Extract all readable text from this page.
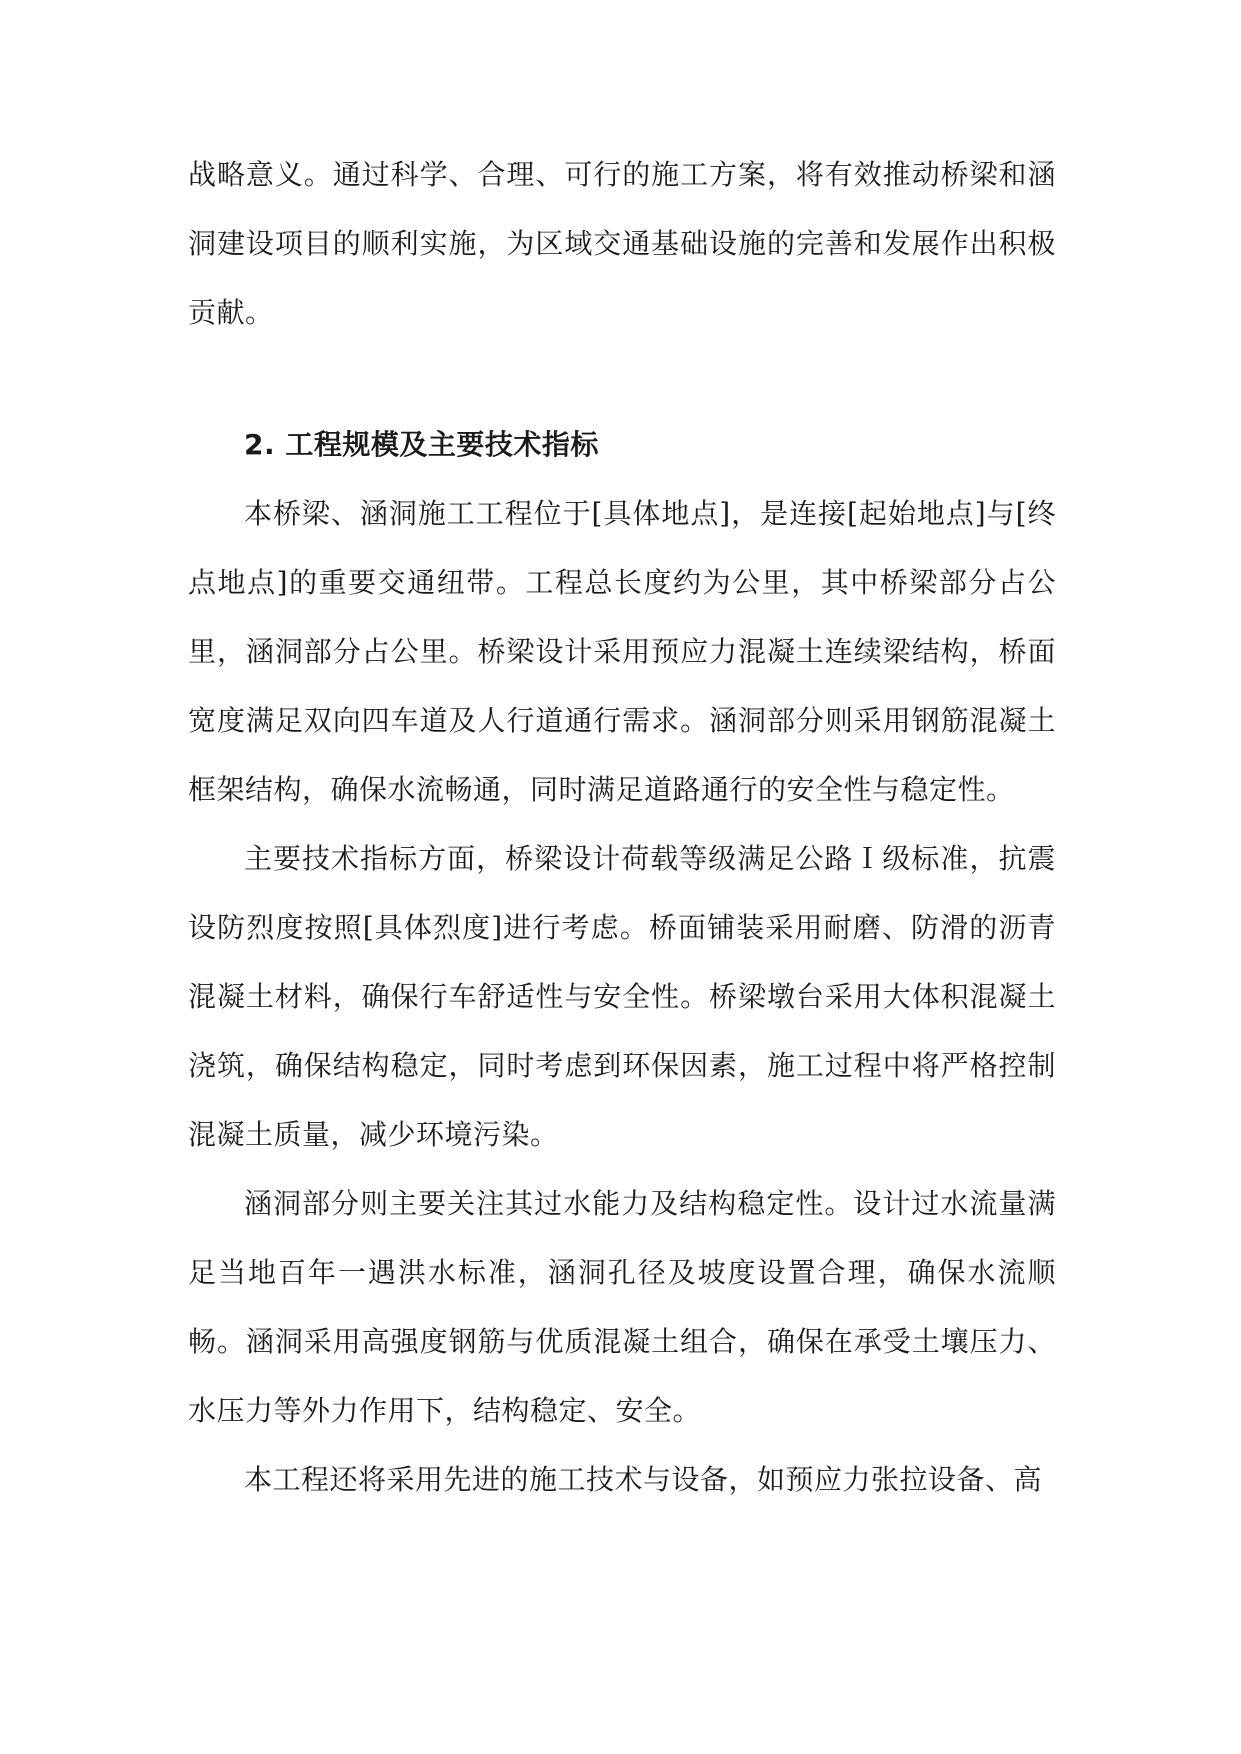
战略意义。通过科学、合理、可行的施工方案，将有效推动桥梁和涵洞建设项目的顺利实施，为区域交通基础设施的完善和发展作出积极贡献。

2. 工程规模及主要技术指标

本桥梁、涵洞施工工程位于[具体地点]，是连接[起始地点]与[终点地点]的重要交通纽带。工程总长度约为公里，其中桥梁部分占公里，涵洞部分占公里。桥梁设计采用预应力混凝土连续梁结构，桥面宽度满足双向四车道及人行道通行需求。涵洞部分则采用钢筋混凝土框架结构，确保水流畅通，同时满足道路通行的安全性与稳定性。

主要技术指标方面，桥梁设计荷载等级满足公路Ｉ级标准，抗震设防烈度按照[具体烈度]进行考虑。桥面铺装采用耐磨、防滑的沥青混凝土材料，确保行车舒适性与安全性。桥梁墩台采用大体积混凝土浇筑，确保结构稳定，同时考虑到环保因素，施工过程中将严格控制混凝土质量，减少环境污染。

涵洞部分则主要关注其过水能力及结构稳定性。设计过水流量满足当地百年一遇洪水标准，涵洞孔径及坡度设置合理，确保水流顺畅。涵洞采用高强度钢筋与优质混凝土组合，确保在承受土壤压力、水压力等外力作用下，结构稳定、安全。

本工程还将采用先进的施工技术与设备，如预应力张拉设备、高
